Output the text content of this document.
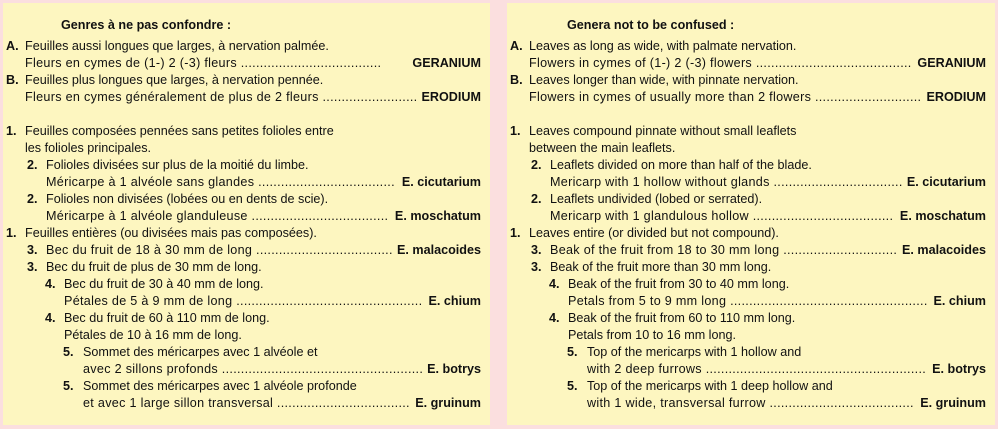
Genres à ne pas confondre :
A. Feuilles aussi longues que larges, à nervation palmée.
Fleurs en cymes de (1-) 2 (-3) fleurs ..................................... GERANIUM
B. Feuilles plus longues que larges, à nervation pennée.
Fleurs en cymes généralement de plus de 2 fleurs ......................... ERODIUM
1. Feuilles composées pennées sans petites folioles entre
les folioles principales.
2. Folioles divisées sur plus de la moitié du limbe.
Méricarpe à 1 alvéole sans glandes .................................... E. cicutarium
2. Folioles non divisées (lobées ou en dents de scie).
Méricarpe à 1 alvéole glanduleuse .................................... E. moschatum
1. Feuilles entières (ou divisées mais pas composées).
3. Bec du fruit de 18 à 30 mm de long .................................... E. malacoides
3. Bec du fruit de plus de 30 mm de long.
4. Bec du fruit de 30 à 40 mm de long.
Pétales de 5 à 9 mm de long ................................................. E. chium
4. Bec du fruit de 60 à 110 mm de long.
Pétales de 10 à 16 mm de long.
5. Sommet des méricarpes avec 1 alvéole et
avec 2 sillons profonds ..................................................... E. botrys
5. Sommet des méricarpes avec 1 alvéole profonde
et avec 1 large sillon transversal ................................... E. gruinum
Genera not to be confused :
A. Leaves as long as wide, with palmate nervation.
Flowers in cymes of (1-) 2 (-3) flowers ......................................... GERANIUM
B. Leaves longer than wide, with pinnate nervation.
Flowers in cymes of usually more than 2 flowers ............................ ERODIUM
1. Leaves compound pinnate without small leaflets
between the main leaflets.
2. Leaflets divided on more than half of the blade.
Mericarp with 1 hollow without glands .................................. E. cicutarium
2. Leaflets undivided (lobed or serrated).
Mericarp with 1 glandulous hollow ..................................... E. moschatum
1. Leaves entire (or divided but not compound).
3. Beak of the fruit from 18 to 30 mm long .............................. E. malacoides
3. Beak of the fruit more than 30 mm long.
4. Beak of the fruit from 30 to 40 mm long.
Petals from 5 to 9 mm long .................................................... E. chium
4. Beak of the fruit from 60 to 110 mm long.
Petals from 10 to 16 mm long.
5. Top of the mericarps with 1 hollow and
with 2 deep furrows .......................................................... E. botrys
5. Top of the mericarps with 1 deep hollow and
with 1 wide, transversal furrow ...................................... E. gruinum
